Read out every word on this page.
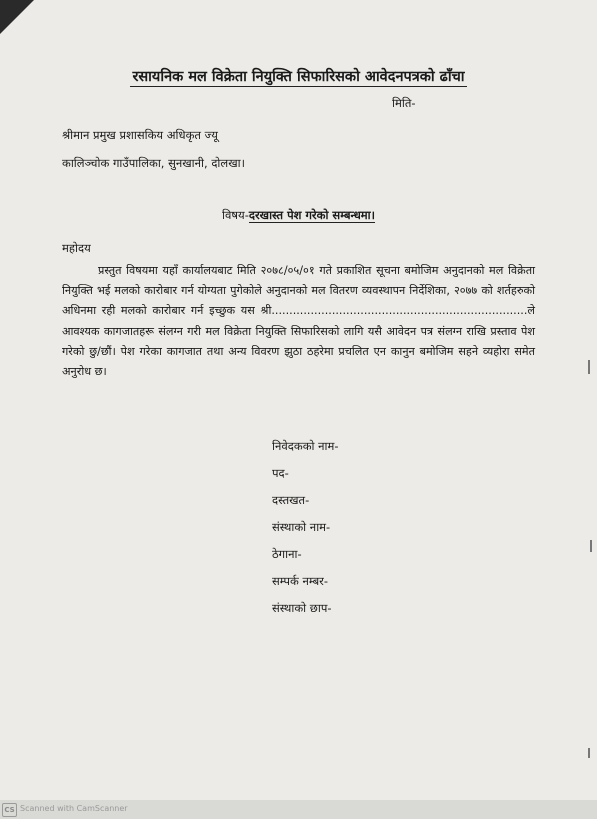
रसायनिक मल विक्रेता नियुक्ति सिफारिसको आवेदनपत्रको ढाँचा

मिति-

श्रीमान प्रमुख प्रशासकिय अधिकृत ज्यू

कालिञ्चोक गाउँपालिका, सुनखानी, दोलखा।

विषय-दरखास्त पेश गरेको सम्बन्धमा।

महोदय

प्रस्तुत विषयमा यहाँ कार्यालयबाट मिति २०७८/०५/०१ गते प्रकाशित सूचना बमोजिम अनुदानको मल विक्रेता नियुक्ति भई मलको कारोबार गर्न योग्यता पुगेकोले अनुदानको मल वितरण व्यवस्थापन निर्देशिका, २०७७ को शर्तहरुको अधिनमा रही मलको कारोबार गर्न इच्छुक यस श्री........................................................................ले आवश्यक कागजातहरू संलग्न गरी मल विक्रेता नियुक्ति सिफारिसको लागि यसै आवेदन पत्र संलग्न राखि प्रस्ताव पेश गरेको छु/छौं। पेश गरेका कागजात तथा अन्य विवरण झुठा ठहरेमा प्रचलित एन कानुन बमोजिम सहने व्यहोरा समेत अनुरोध छ।

निवेदकको नाम-
पद-
दस्तखत-
संस्थाको नाम-
ठेगाना-
सम्पर्क नम्बर-
संस्थाको छाप-
CS Scanned with CamScanner
